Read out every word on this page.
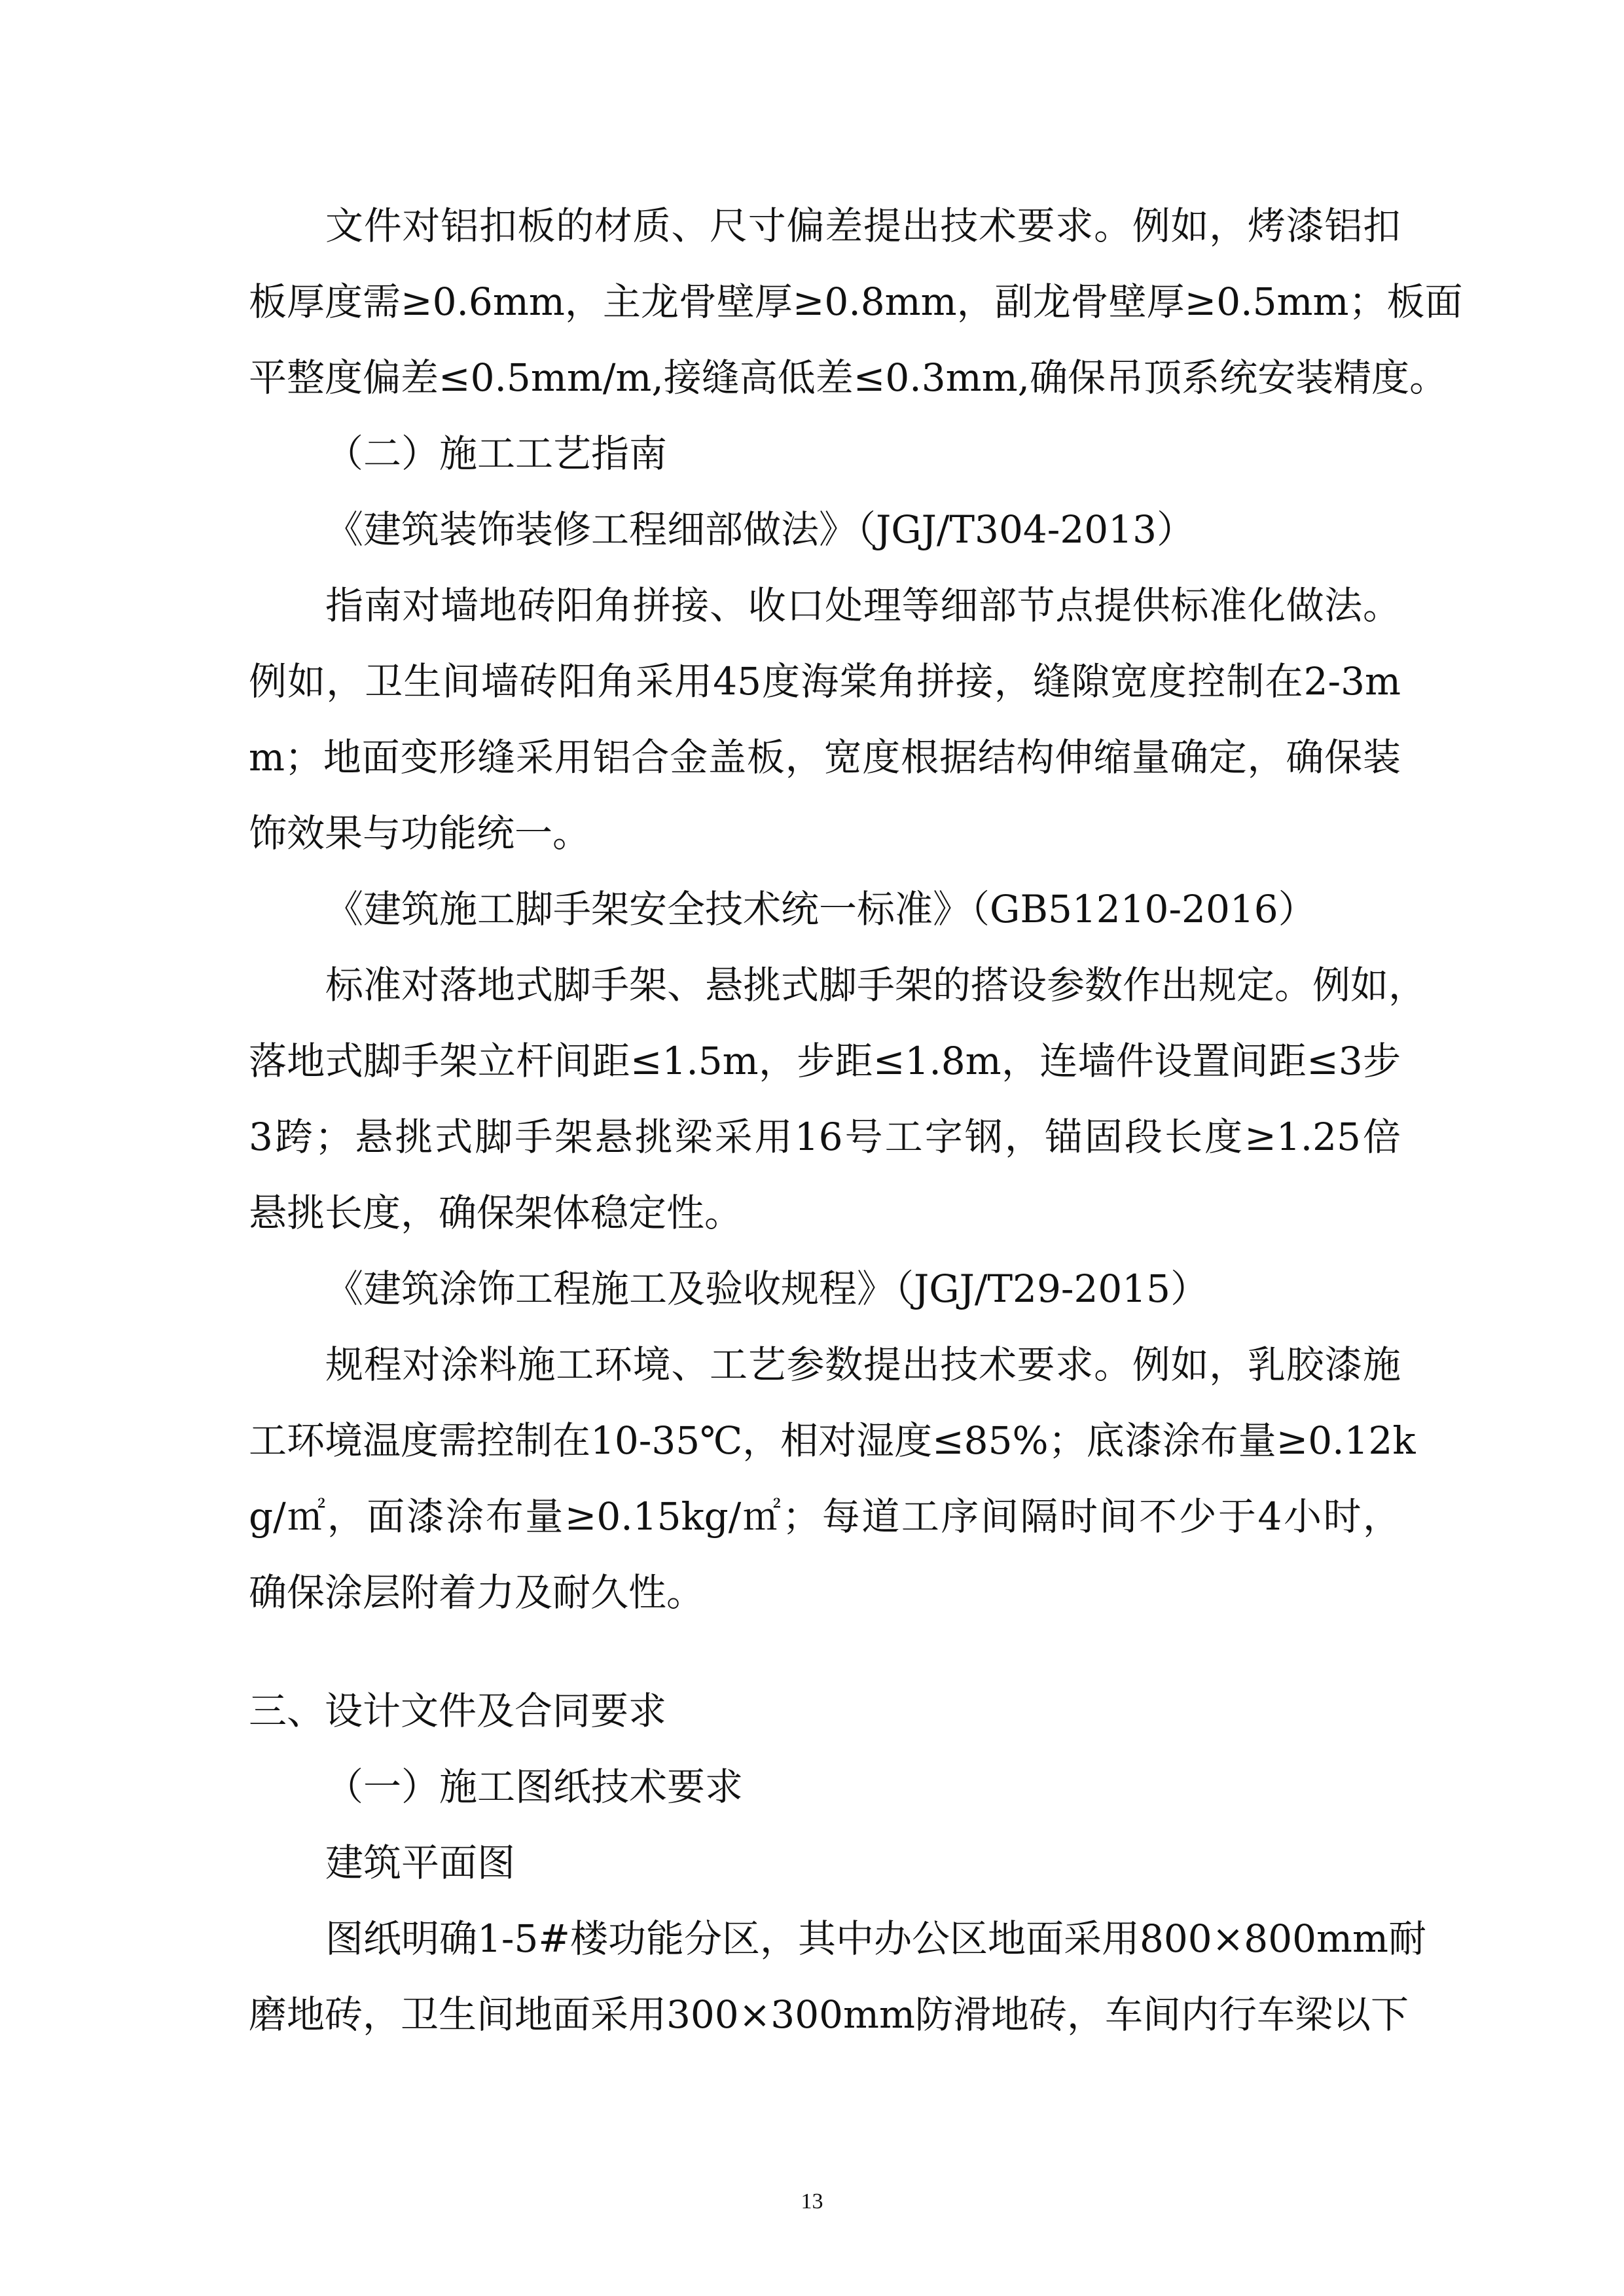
文件对铝扣板的材质、尺寸偏差提出技术要求。例如，烤漆铝扣
板厚度需≥0.6mm，主龙骨壁厚≥0.8mm，副龙骨壁厚≥0.5mm；板面
平整度偏差≤0.5mm/m,接缝高低差≤0.3mm,确保吊顶系统安装精度。
（二）施工工艺指南
《建筑装饰装修工程细部做法》（JGJ/T304-2013）
指南对墙地砖阳角拼接、收口处理等细部节点提供标准化做法。
例如，卫生间墙砖阳角采用45度海棠角拼接，缝隙宽度控制在2-3m
m；地面变形缝采用铝合金盖板，宽度根据结构伸缩量确定，确保装
饰效果与功能统一。
《建筑施工脚手架安全技术统一标准》（GB51210-2016）
标准对落地式脚手架、悬挑式脚手架的搭设参数作出规定。例如，
落地式脚手架立杆间距≤1.5m，步距≤1.8m，连墙件设置间距≤3步
3跨；悬挑式脚手架悬挑梁采用16号工字钢，锚固段长度≥1.25倍
悬挑长度，确保架体稳定性。
《建筑涂饰工程施工及验收规程》（JGJ/T29-2015）
规程对涂料施工环境、工艺参数提出技术要求。例如，乳胶漆施
工环境温度需控制在10-35℃，相对湿度≤85%；底漆涂布量≥0.12k
g/㎡，面漆涂布量≥0.15kg/㎡；每道工序间隔时间不少于4小时，
确保涂层附着力及耐久性。
三、设计文件及合同要求
（一）施工图纸技术要求
建筑平面图
图纸明确1-5#楼功能分区，其中办公区地面采用800×800mm耐
磨地砖，卫生间地面采用300×300mm防滑地砖，车间内行车梁以下
13
